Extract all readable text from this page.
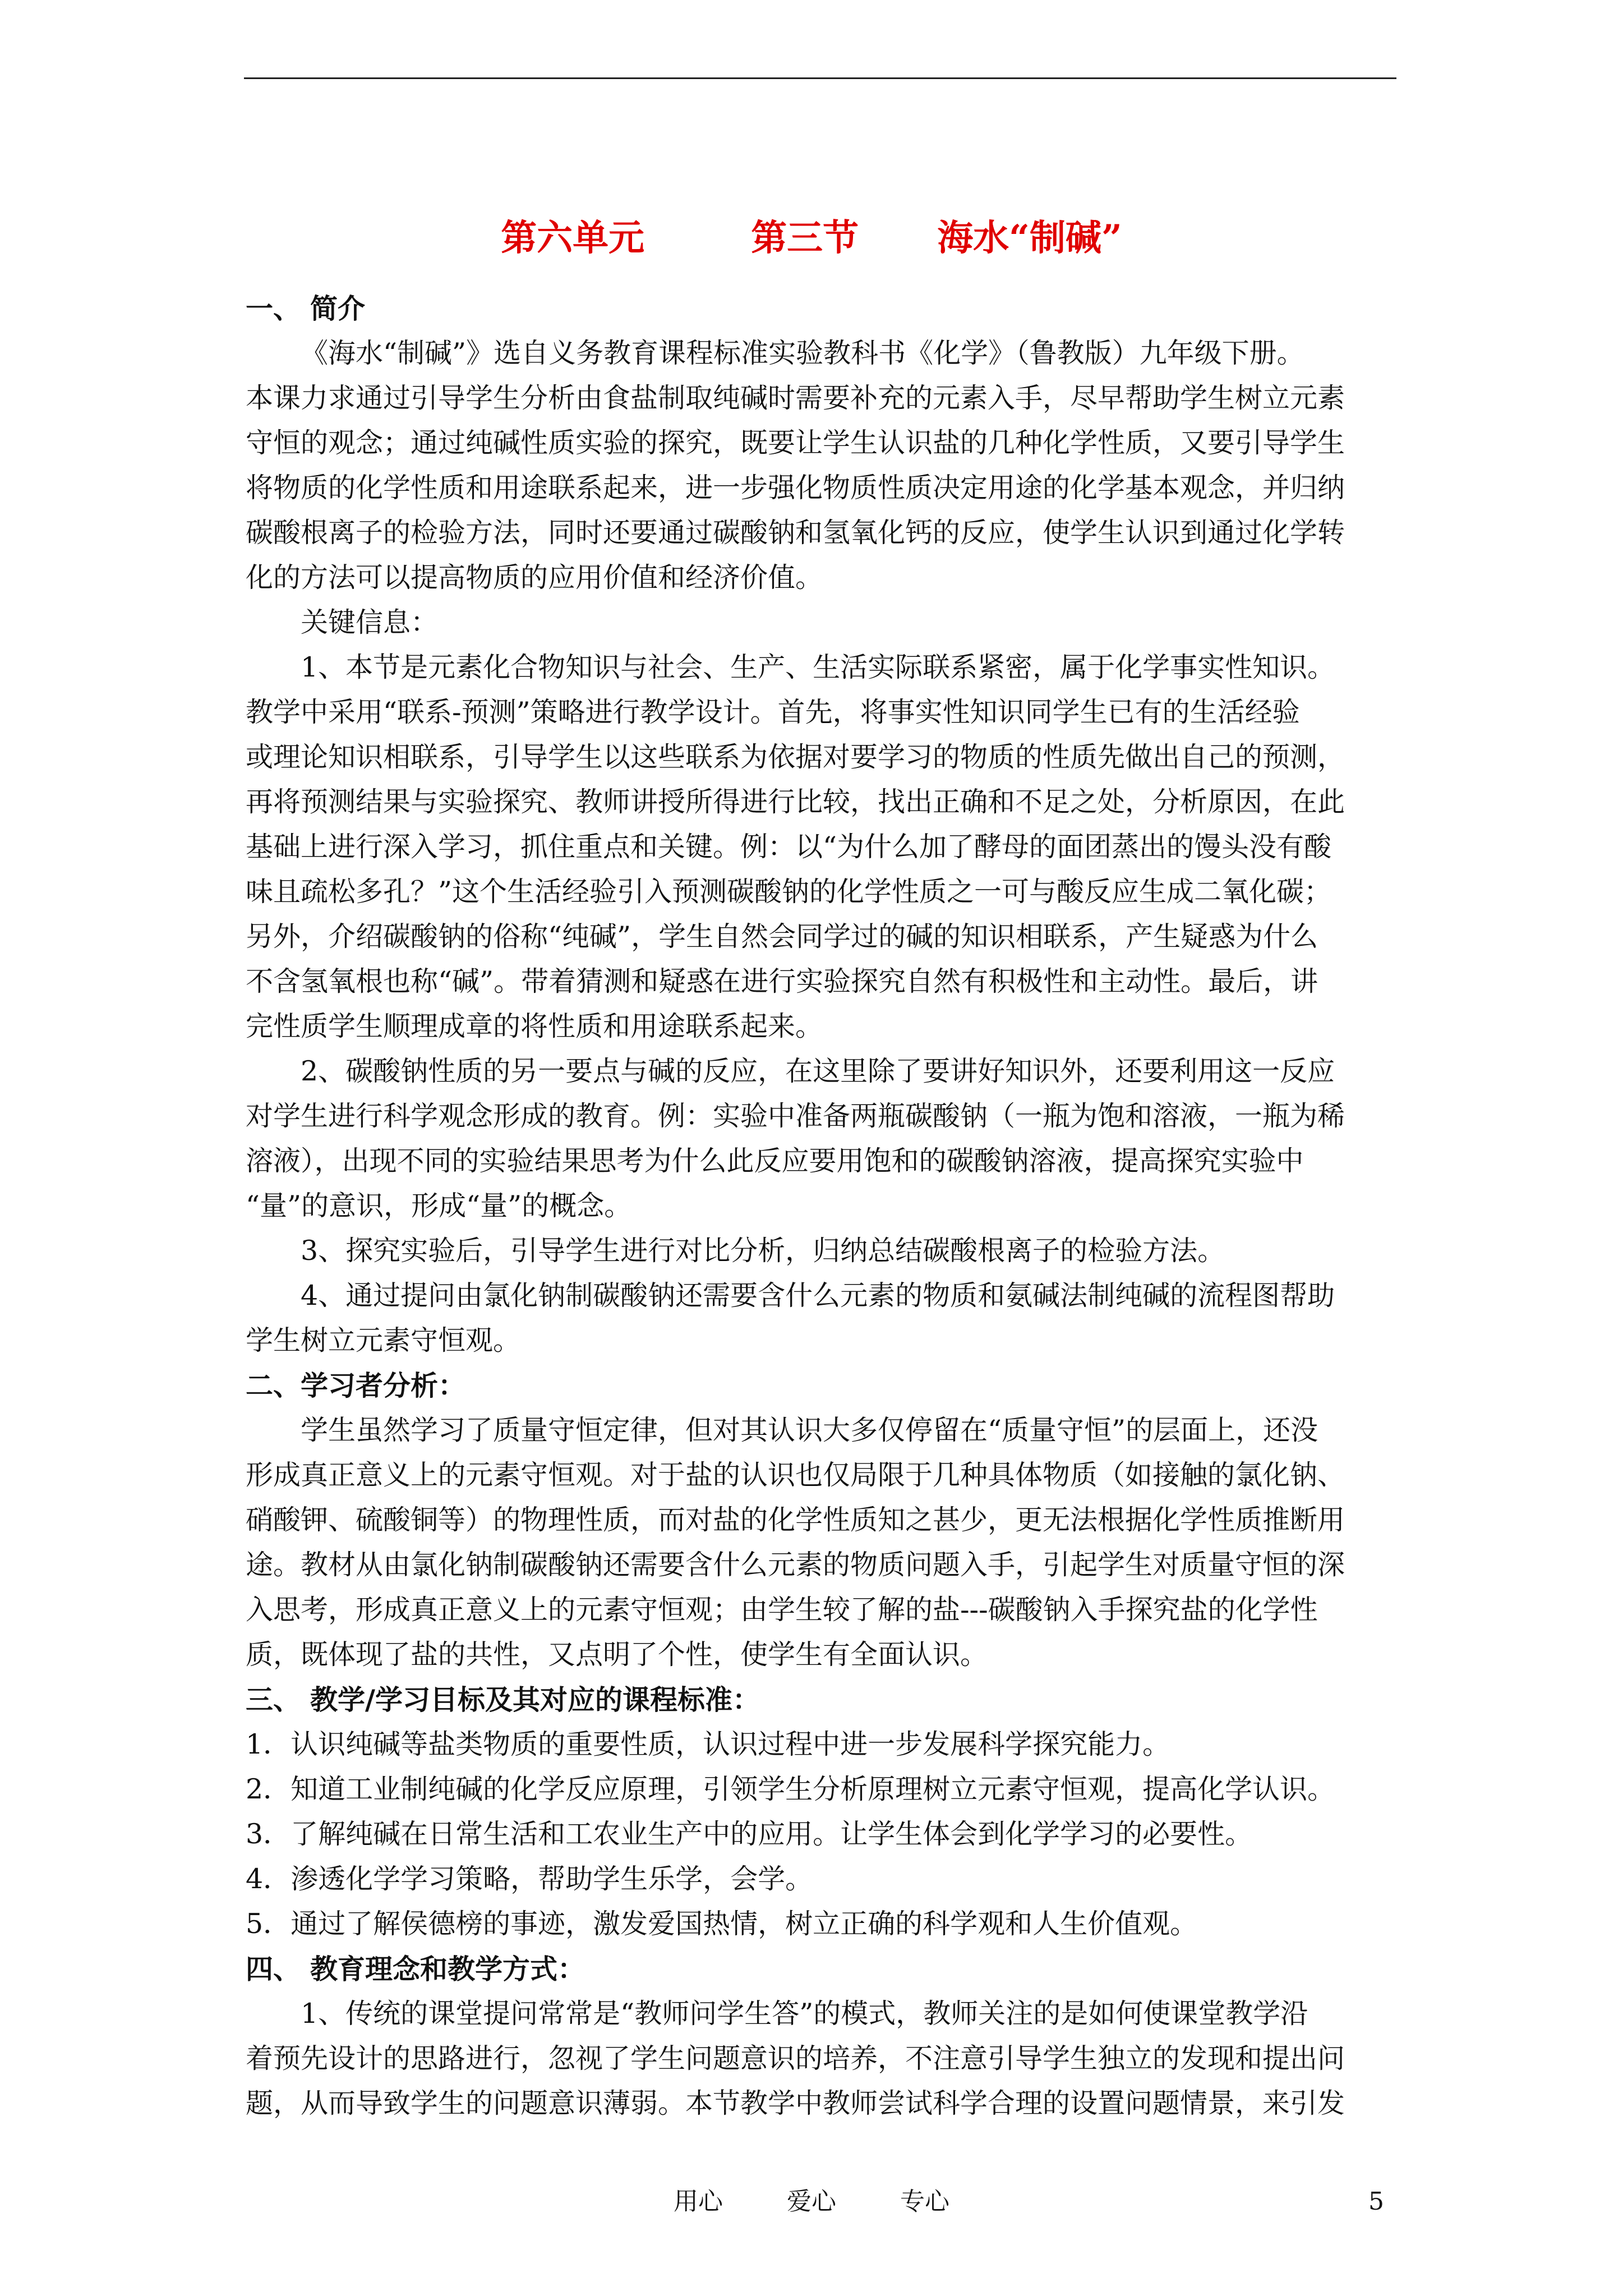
第六单元	第三节 海水“制碱”
一、 简介
《海水“制碱”》选自义务教育课程标准实验教科书《化学》（鲁教版）九年级下册。
本课力求通过引导学生分析由食盐制取纯碱时需要补充的元素入手，尽早帮助学生树立元素
守恒的观念；通过纯碱性质实验的探究，既要让学生认识盐的几种化学性质，又要引导学生
将物质的化学性质和用途联系起来，进一步强化物质性质决定用途的化学基本观念，并归纳
碳酸根离子的检验方法，同时还要通过碳酸钠和氢氧化钙的反应，使学生认识到通过化学转
化的方法可以提高物质的应用价值和经济价值。
关键信息：
1、本节是元素化合物知识与社会、生产、生活实际联系紧密，属于化学事实性知识。
教学中采用“联系-预测”策略进行教学设计。首先，将事实性知识同学生已有的生活经验
或理论知识相联系，引导学生以这些联系为依据对要学习的物质的性质先做出自己的预测，
再将预测结果与实验探究、教师讲授所得进行比较，找出正确和不足之处，分析原因，在此
基础上进行深入学习，抓住重点和关键。例：以“为什么加了酵母的面团蒸出的馒头没有酸
味且疏松多孔？”这个生活经验引入预测碳酸钠的化学性质之一可与酸反应生成二氧化碳；
另外，介绍碳酸钠的俗称“纯碱”，学生自然会同学过的碱的知识相联系，产生疑惑为什么
不含氢氧根也称“碱”。带着猜测和疑惑在进行实验探究自然有积极性和主动性。最后，讲
完性质学生顺理成章的将性质和用途联系起来。
2、碳酸钠性质的另一要点与碱的反应，在这里除了要讲好知识外，还要利用这一反应
对学生进行科学观念形成的教育。例：实验中准备两瓶碳酸钠（一瓶为饱和溶液，一瓶为稀
溶液），出现不同的实验结果思考为什么此反应要用饱和的碳酸钠溶液，提高探究实验中
“量”的意识，形成“量”的概念。
3、探究实验后，引导学生进行对比分析，归纳总结碳酸根离子的检验方法。
4、通过提问由氯化钠制碳酸钠还需要含什么元素的物质和氨碱法制纯碱的流程图帮助
学生树立元素守恒观。
二、学习者分析：
学生虽然学习了质量守恒定律，但对其认识大多仅停留在“质量守恒”的层面上，还没
形成真正意义上的元素守恒观。对于盐的认识也仅局限于几种具体物质（如接触的氯化钠、
硝酸钾、硫酸铜等）的物理性质，而对盐的化学性质知之甚少，更无法根据化学性质推断用
途。教材从由氯化钠制碳酸钠还需要含什么元素的物质问题入手，引起学生对质量守恒的深
入思考，形成真正意义上的元素守恒观；由学生较了解的盐---碳酸钠入手探究盐的化学性
质，既体现了盐的共性，又点明了个性，使学生有全面认识。
三、 教学/学习目标及其对应的课程标准：
1．认识纯碱等盐类物质的重要性质，认识过程中进一步发展科学探究能力。
2．知道工业制纯碱的化学反应原理，引领学生分析原理树立元素守恒观，提高化学认识。
3．了解纯碱在日常生活和工农业生产中的应用。让学生体会到化学学习的必要性。
4．渗透化学学习策略，帮助学生乐学，会学。
5．通过了解侯德榜的事迹，激发爱国热情，树立正确的科学观和人生价值观。
四、 教育理念和教学方式：
1、传统的课堂提问常常是“教师问学生答”的模式，教师关注的是如何使课堂教学沿
着预先设计的思路进行，忽视了学生问题意识的培养，不注意引导学生独立的发现和提出问
题，从而导致学生的问题意识薄弱。本节教学中教师尝试科学合理的设置问题情景，来引发
用心	爱心	专心	5
